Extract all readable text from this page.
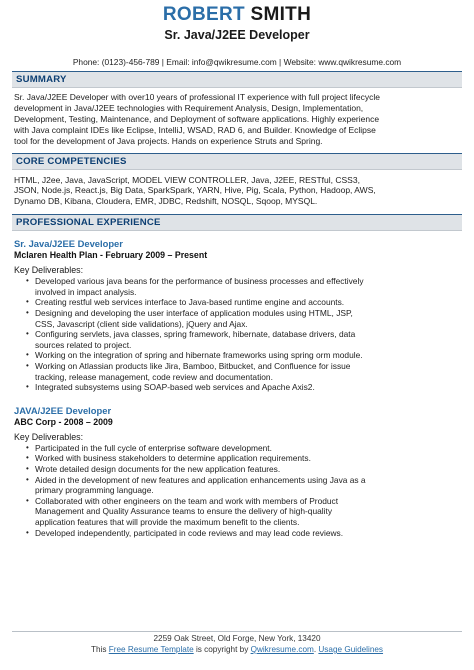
ROBERT SMITH
Sr. Java/J2EE Developer
Phone: (0123)-456-789 | Email: info@qwikresume.com | Website: www.qwikresume.com
SUMMARY
Sr. Java/J2EE Developer with over10 years of professional IT experience with full project lifecycle
development in Java/J2EE technologies with Requirement Analysis, Design, Implementation,
Development, Testing, Maintenance, and Deployment of software applications. Highly experience
with Java complaint IDEs like Eclipse, IntelliJ, WSAD, RAD 6, and Builder. Knowledge of Eclipse
tool for the development of Java projects. Hands on experience Struts and Spring.
CORE COMPETENCIES
HTML, J2ee, Java, JavaScript, MODEL VIEW CONTROLLER, Java, J2EE, RESTful, CSS3,
JSON, Node.js, React.js, Big Data, SparkSpark, YARN, Hive, Pig, Scala, Python, Hadoop, AWS,
Dynamo DB, Kibana, Cloudera, EMR, JDBC, Redshift, NOSQL, Sqoop, MYSQL.
PROFESSIONAL EXPERIENCE
Sr. Java/J2EE Developer
Mclaren Health Plan - February 2009 – Present
Key Deliverables:
• Developed various java beans for the performance of business processes and effectively
involved in impact analysis.
• Creating restful web services interface to Java-based runtime engine and accounts.
• Designing and developing the user interface of application modules using HTML, JSP,
CSS, Javascript (client side validations), jQuery and Ajax.
• Configuring servlets, java classes, spring framework, hibernate, database drivers, data
sources related to project.
• Working on the integration of spring and hibernate frameworks using spring orm module.
• Working on Atlassian products like Jira, Bamboo, Bitbucket, and Confluence for issue
tracking, release management, code review and documentation.
• Integrated subsystems using SOAP-based web services and Apache Axis2.
JAVA/J2EE Developer
ABC Corp - 2008 – 2009
Key Deliverables:
• Participated in the full cycle of enterprise software development.
• Worked with business stakeholders to determine application requirements.
• Wrote detailed design documents for the new application features.
• Aided in the development of new features and application enhancements using Java as a
primary programming language.
• Collaborated with other engineers on the team and work with members of Product
Management and Quality Assurance teams to ensure the delivery of high-quality
application features that will provide the maximum benefit to the clients.
• Developed independently, participated in code reviews and may lead code reviews.
2259 Oak Street, Old Forge, New York, 13420
This Free Resume Template is copyright by Qwikresume.com. Usage Guidelines
